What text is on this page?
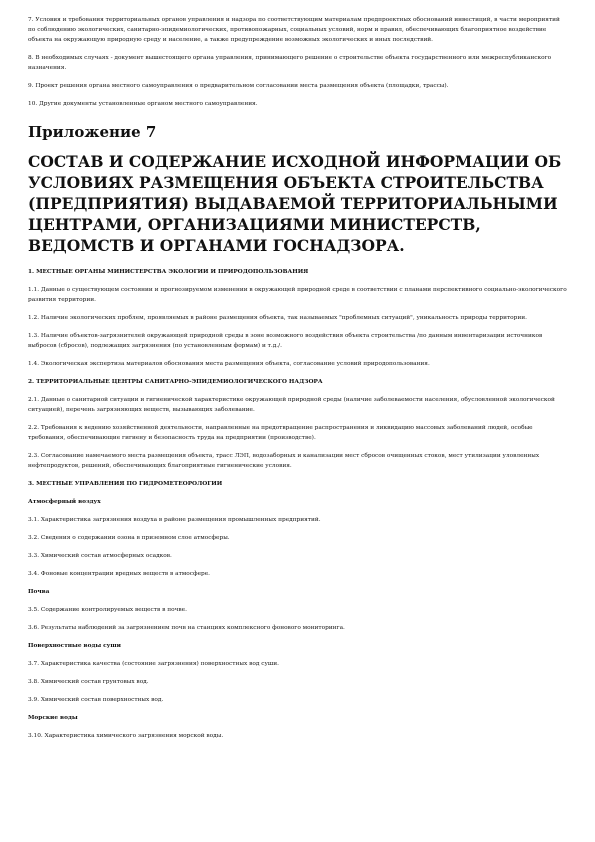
7. Условия и требования территориальных органов управления и надзора по соответствующим материалам предпроектных обоснований инвестиций, в части мероприятий по соблюдению экологических, санитарно-эпидемиологических, противопожарных, социальных условий, норм и правил, обеспечивающих благоприятное воздействие объекта на окружающую природную среду и население, а также предупреждение возможных экологических и иных последствий.

8. В необходимых случаях - документ вышестоящего органа управления, принимающего решение о строительстве объекта государственного или межреспубликанского назначения.

9. Проект решения органа местного самоуправления о предварительном согласовании места размещения объекта (площадки, трассы).

10. Другие документы установленные органом местного самоуправления.

Приложение 7
СОСТАВ И СОДЕРЖАНИЕ ИСХОДНОЙ ИНФОРМАЦИИ ОБ УСЛОВИЯХ РАЗМЕЩЕНИЯ ОБЪЕКТА СТРОИТЕЛЬСТВА (ПРЕДПРИЯТИЯ) ВЫДАВАЕМОЙ ТЕРРИТОРИАЛЬНЫМИ ЦЕНТРАМИ, ОРГАНИЗАЦИЯМИ МИНИСТЕРСТВ, ВЕДОМСТВ И ОРГАНАМИ ГОСНАДЗОРА.
1. МЕСТНЫЕ ОРГАНЫ МИНИСТЕРСТВА ЭКОЛОГИИ И ПРИРОДОПОЛЬЗОВАНИЯ

1.1. Данные о существующем состоянии и прогнозируемом изменении в окружающей природной среде в соответствии с планами перспективного социально-экологического развития территории.

1.2. Наличие экологических проблем, проявляемых в районе размещения объекта, так называемых "проблемных ситуаций", уникальность природы территории.

1.3. Наличие объектов-загрязнителей окружающей природной среды в зоне возможного воздействия объекта строительства /по данным инвентаризации источников выбросов (сбросов), подлежащих загрязнения (по установленным формам) и т.д./.

1.4. Экологическая экспертиза материалов обоснования места размещения объекта, согласование условий природопользования.

2. ТЕРРИТОРИАЛЬНЫЕ ЦЕНТРЫ САНИТАРНО-ЭПИДЕМИОЛОГИЧЕСКОГО НАДЗОРА

2.1. Данные о санитарной ситуации и гигиенической характеристике окружающей природной среды (наличие заболеваемости населения, обусловленной экологической ситуацией), перечень загрязняющих веществ, вызывающих заболевание.

2.2. Требования к ведению хозяйственной деятельности, направленные на предотвращение распространения и ликвидацию массовых заболеваний людей, особые требования, обеспечивающие гигиену и безопасность труда на предприятии (производстве).

2.3. Согласование намечаемого места размещения объекта, трасс ЛЭП, водозаборных и канализации мест сбросов очищенных стоков, мест утилизации уловленных нефтепродуктов, решений, обеспечивающих благоприятные гигиенические условия.

3. МЕСТНЫЕ УПРАВЛЕНИЯ ПО ГИДРОМЕТЕОРОЛОГИИ
Атмосферный воздух

3.1. Характеристика загрязнения воздуха в районе размещения промышленных предприятий.

3.2. Сведения о содержании озона в приземном слое атмосферы.

3.3. Химический состав атмосферных осадков.

3.4. Фоновые концентрации вредных веществ в атмосфере.

Почва

3.5. Содержание контролируемых веществ в почве.

3.6. Результаты наблюдений за загрязнением почв на станциях комплексного фонового мониторинга.

Поверхностные воды суши

3.7. Характеристика качества (состояние загрязнения) поверхностных вод суши.

3.8. Химический состав грунтовых вод.

3.9. Химический состав поверхностных вод.

Морские воды

3.10. Характеристика химического загрязнения морской воды.
